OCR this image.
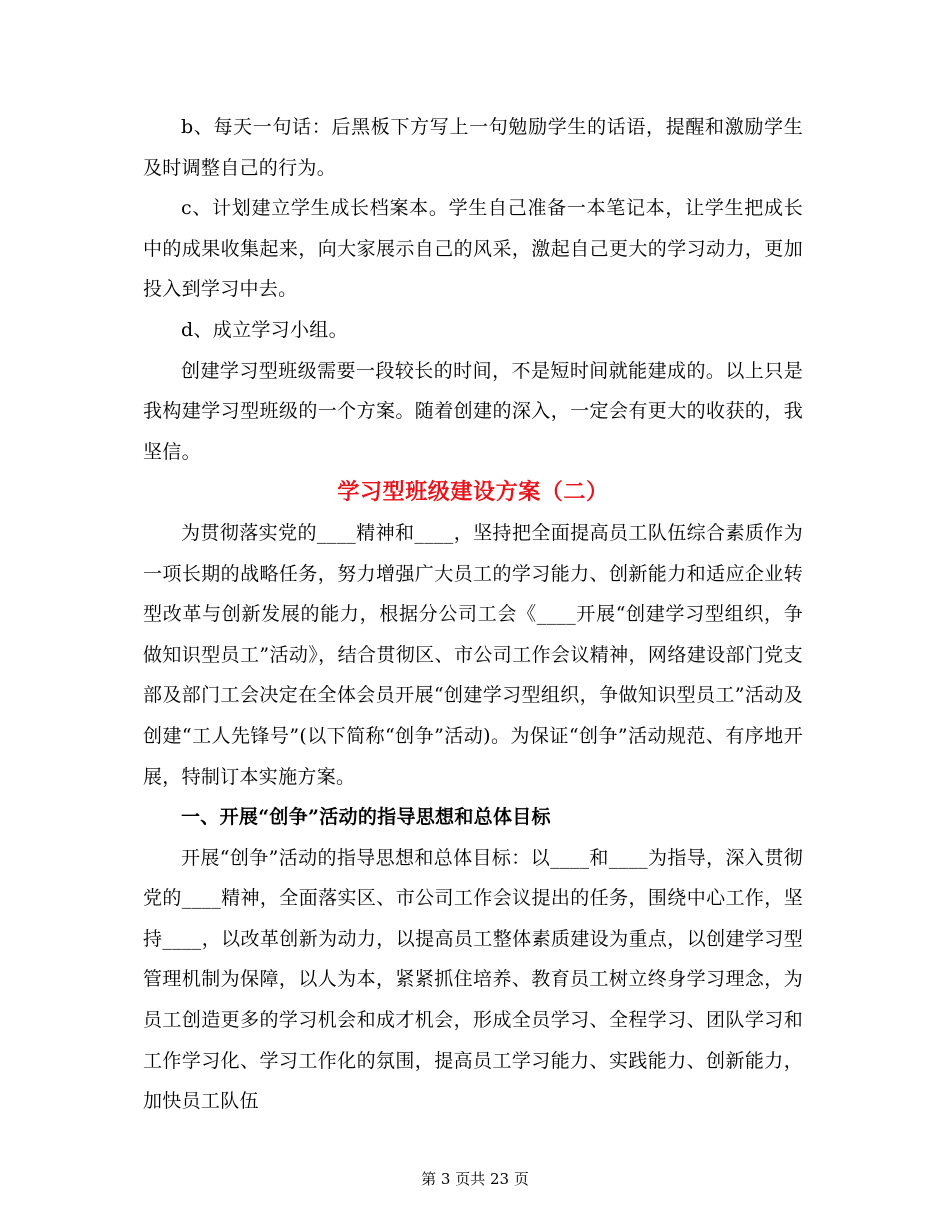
b、每天一句话：后黑板下方写上一句勉励学生的话语，提醒和激励学生及时调整自己的行为。

c、计划建立学生成长档案本。学生自己准备一本笔记本，让学生把成长中的成果收集起来，向大家展示自己的风采，激起自己更大的学习动力，更加投入到学习中去。

d、成立学习小组。

创建学习型班级需要一段较长的时间，不是短时间就能建成的。以上只是我构建学习型班级的一个方案。随着创建的深入，一定会有更大的收获的，我坚信。

学习型班级建设方案（二）

为贯彻落实党的____精神和____，坚持把全面提高员工队伍综合素质作为一项长期的战略任务，努力增强广大员工的学习能力、创新能力和适应企业转型改革与创新发展的能力，根据分公司工会《____开展“创建学习型组织，争做知识型员工”活动》，结合贯彻区、市公司工作会议精神，网络建设部门党支部及部门工会决定在全体会员开展“创建学习型组织，争做知识型员工”活动及创建“工人先锋号”(以下简称“创争”活动)。为保证“创争”活动规范、有序地开展，特制订本实施方案。

一、开展“创争”活动的指导思想和总体目标

开展“创争”活动的指导思想和总体目标：以____和____为指导，深入贯彻党的____精神，全面落实区、市公司工作会议提出的任务，围绕中心工作，坚持____，以改革创新为动力，以提高员工整体素质建设为重点，以创建学习型管理机制为保障，以人为本，紧紧抓住培养、教育员工树立终身学习理念，为员工创造更多的学习机会和成才机会，形成全员学习、全程学习、团队学习和工作学习化、学习工作化的氛围，提高员工学习能力、实践能力、创新能力，加快员工队伍

第 3 页共 23 页
